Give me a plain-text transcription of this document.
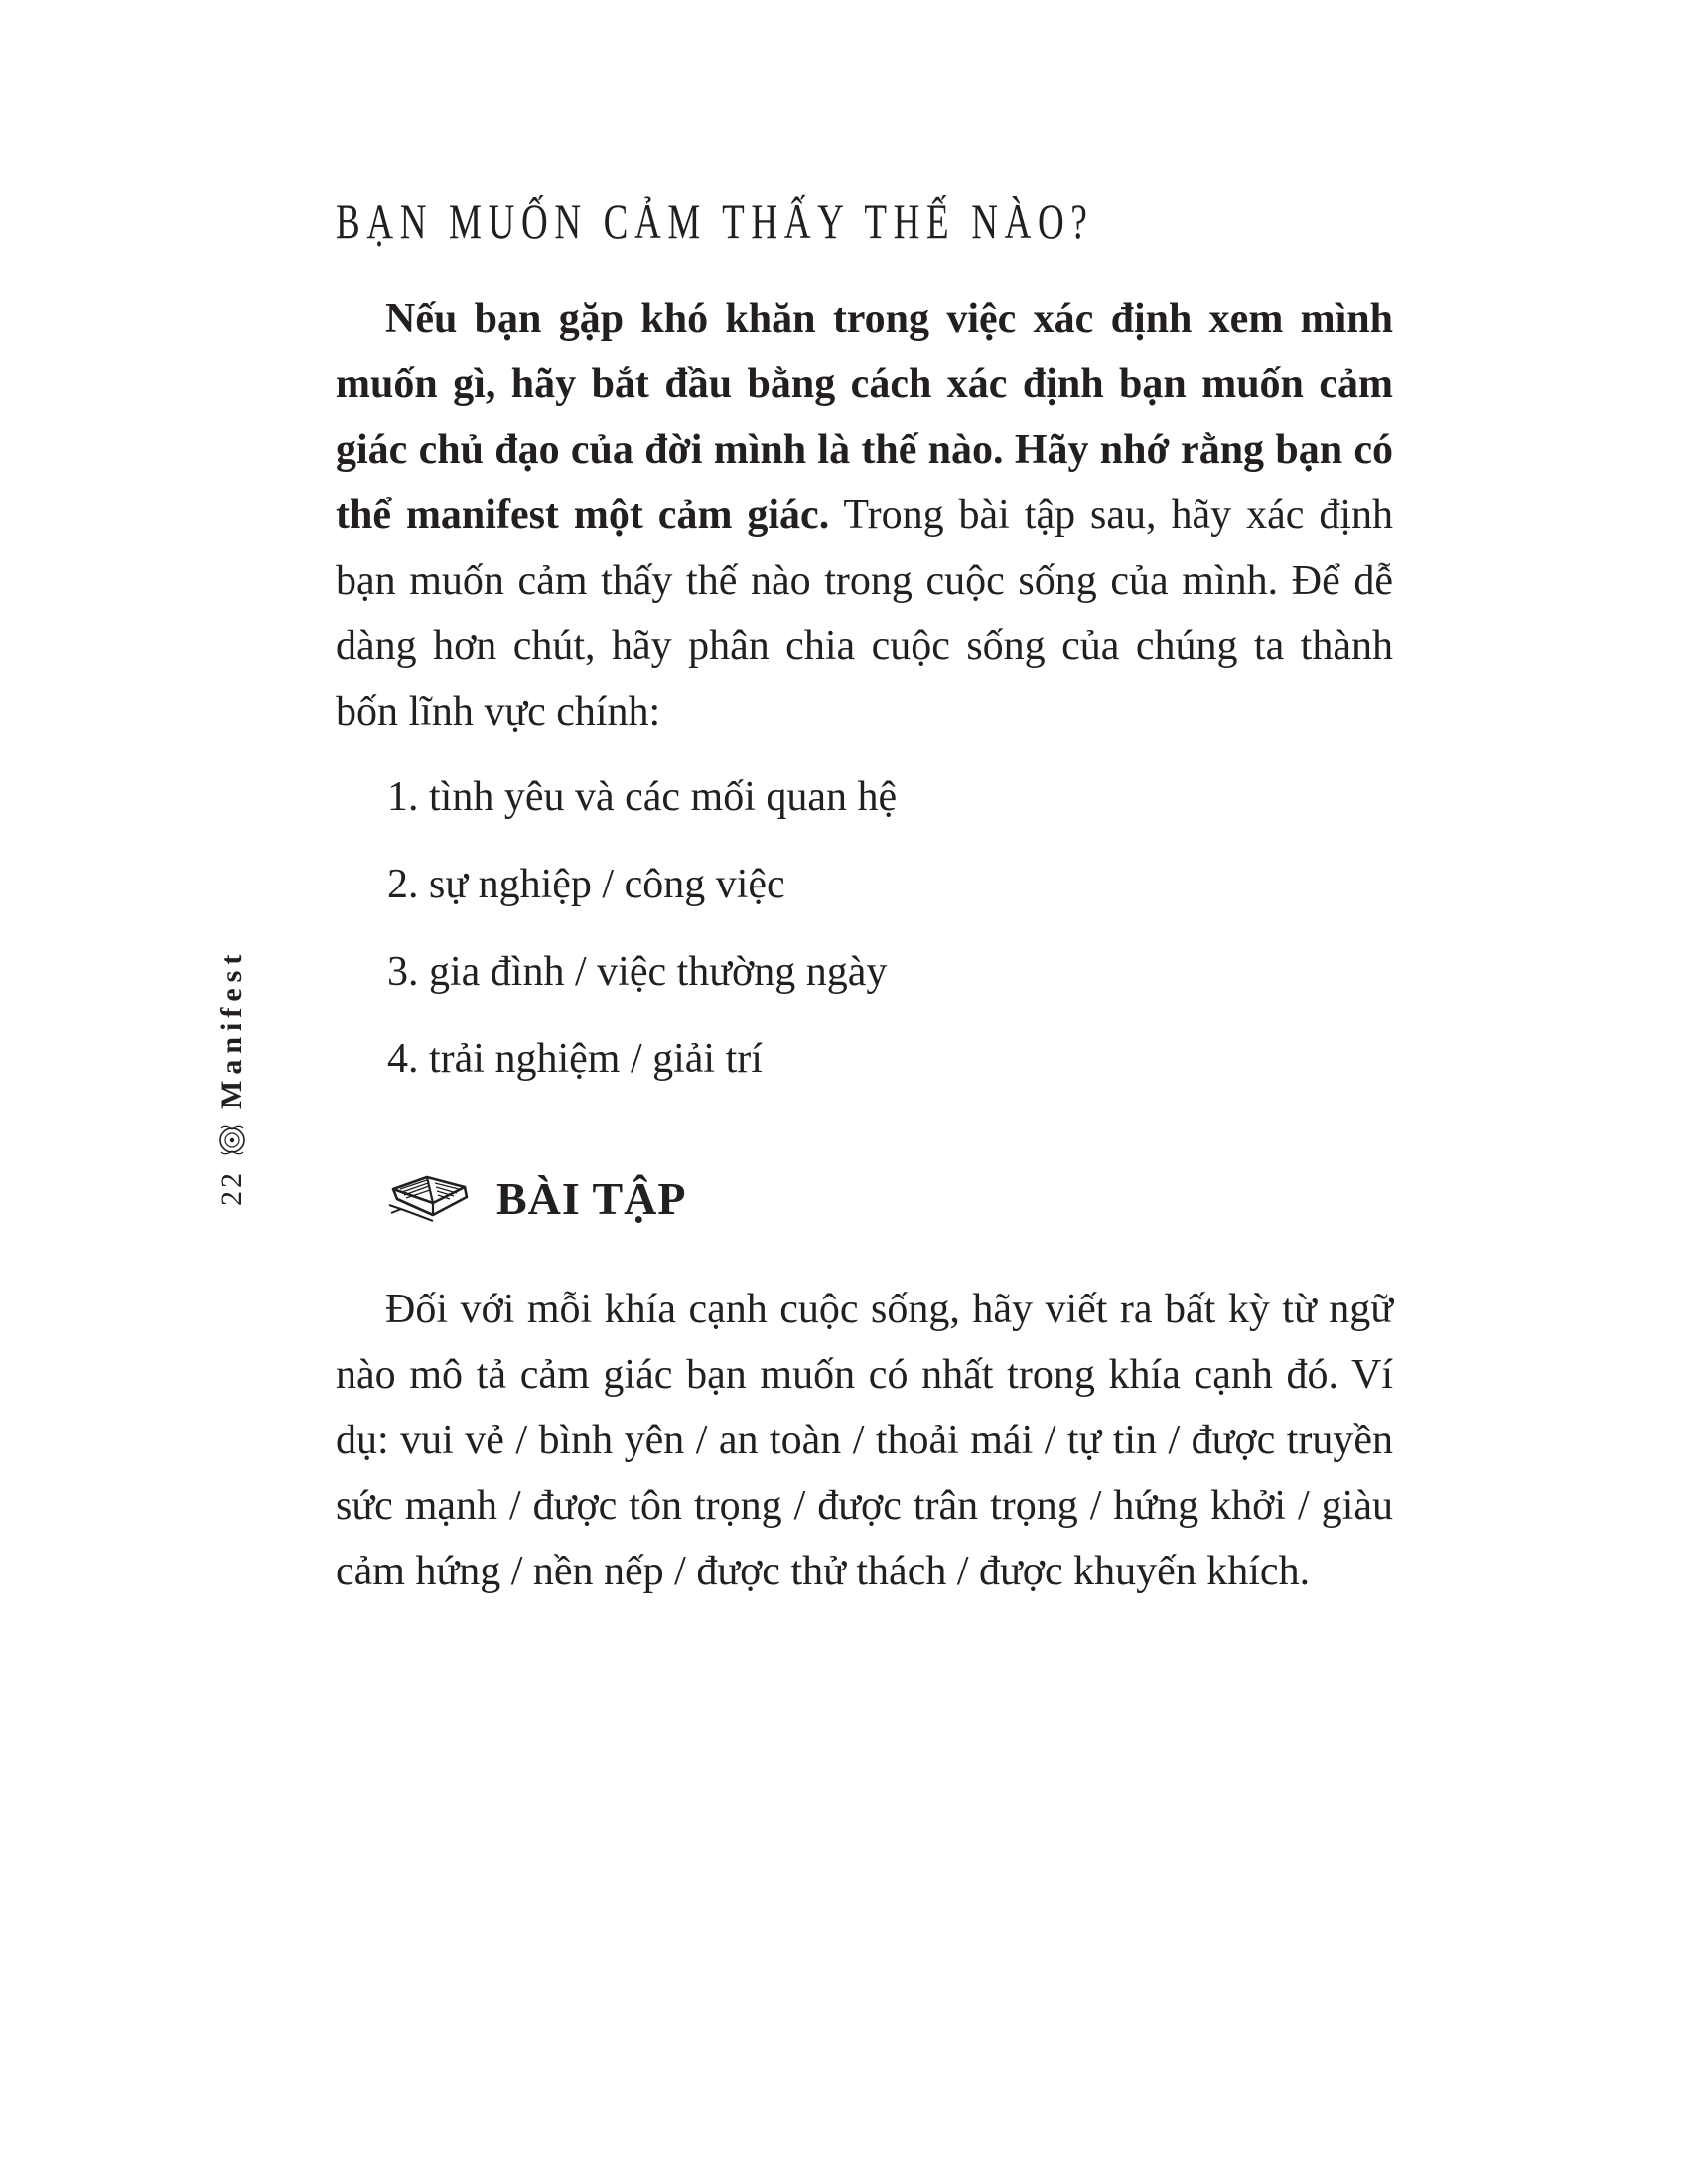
22
Manifest
BẠN MUỐN CẢM THẤY THẾ NÀO?

Nếu bạn gặp khó khăn trong việc xác định xem mình muốn gì, hãy bắt đầu bằng cách xác định bạn muốn cảm giác chủ đạo của đời mình là thế nào. Hãy nhớ rằng bạn có thể manifest một cảm giác. Trong bài tập sau, hãy xác định bạn muốn cảm thấy thế nào trong cuộc sống của mình. Để dễ dàng hơn chút, hãy phân chia cuộc sống của chúng ta thành bốn lĩnh vực chính:

1. tình yêu và các mối quan hệ
2. sự nghiệp / công việc
3. gia đình / việc thường ngày
4. trải nghiệm / giải trí
BÀI TẬP

Đối với mỗi khía cạnh cuộc sống, hãy viết ra bất kỳ từ ngữ nào mô tả cảm giác bạn muốn có nhất trong khía cạnh đó. Ví dụ: vui vẻ / bình yên / an toàn / thoải mái / tự tin / được truyền sức mạnh / được tôn trọng / được trân trọng / hứng khởi / giàu cảm hứng / nền nếp / được thử thách / được khuyến khích.
